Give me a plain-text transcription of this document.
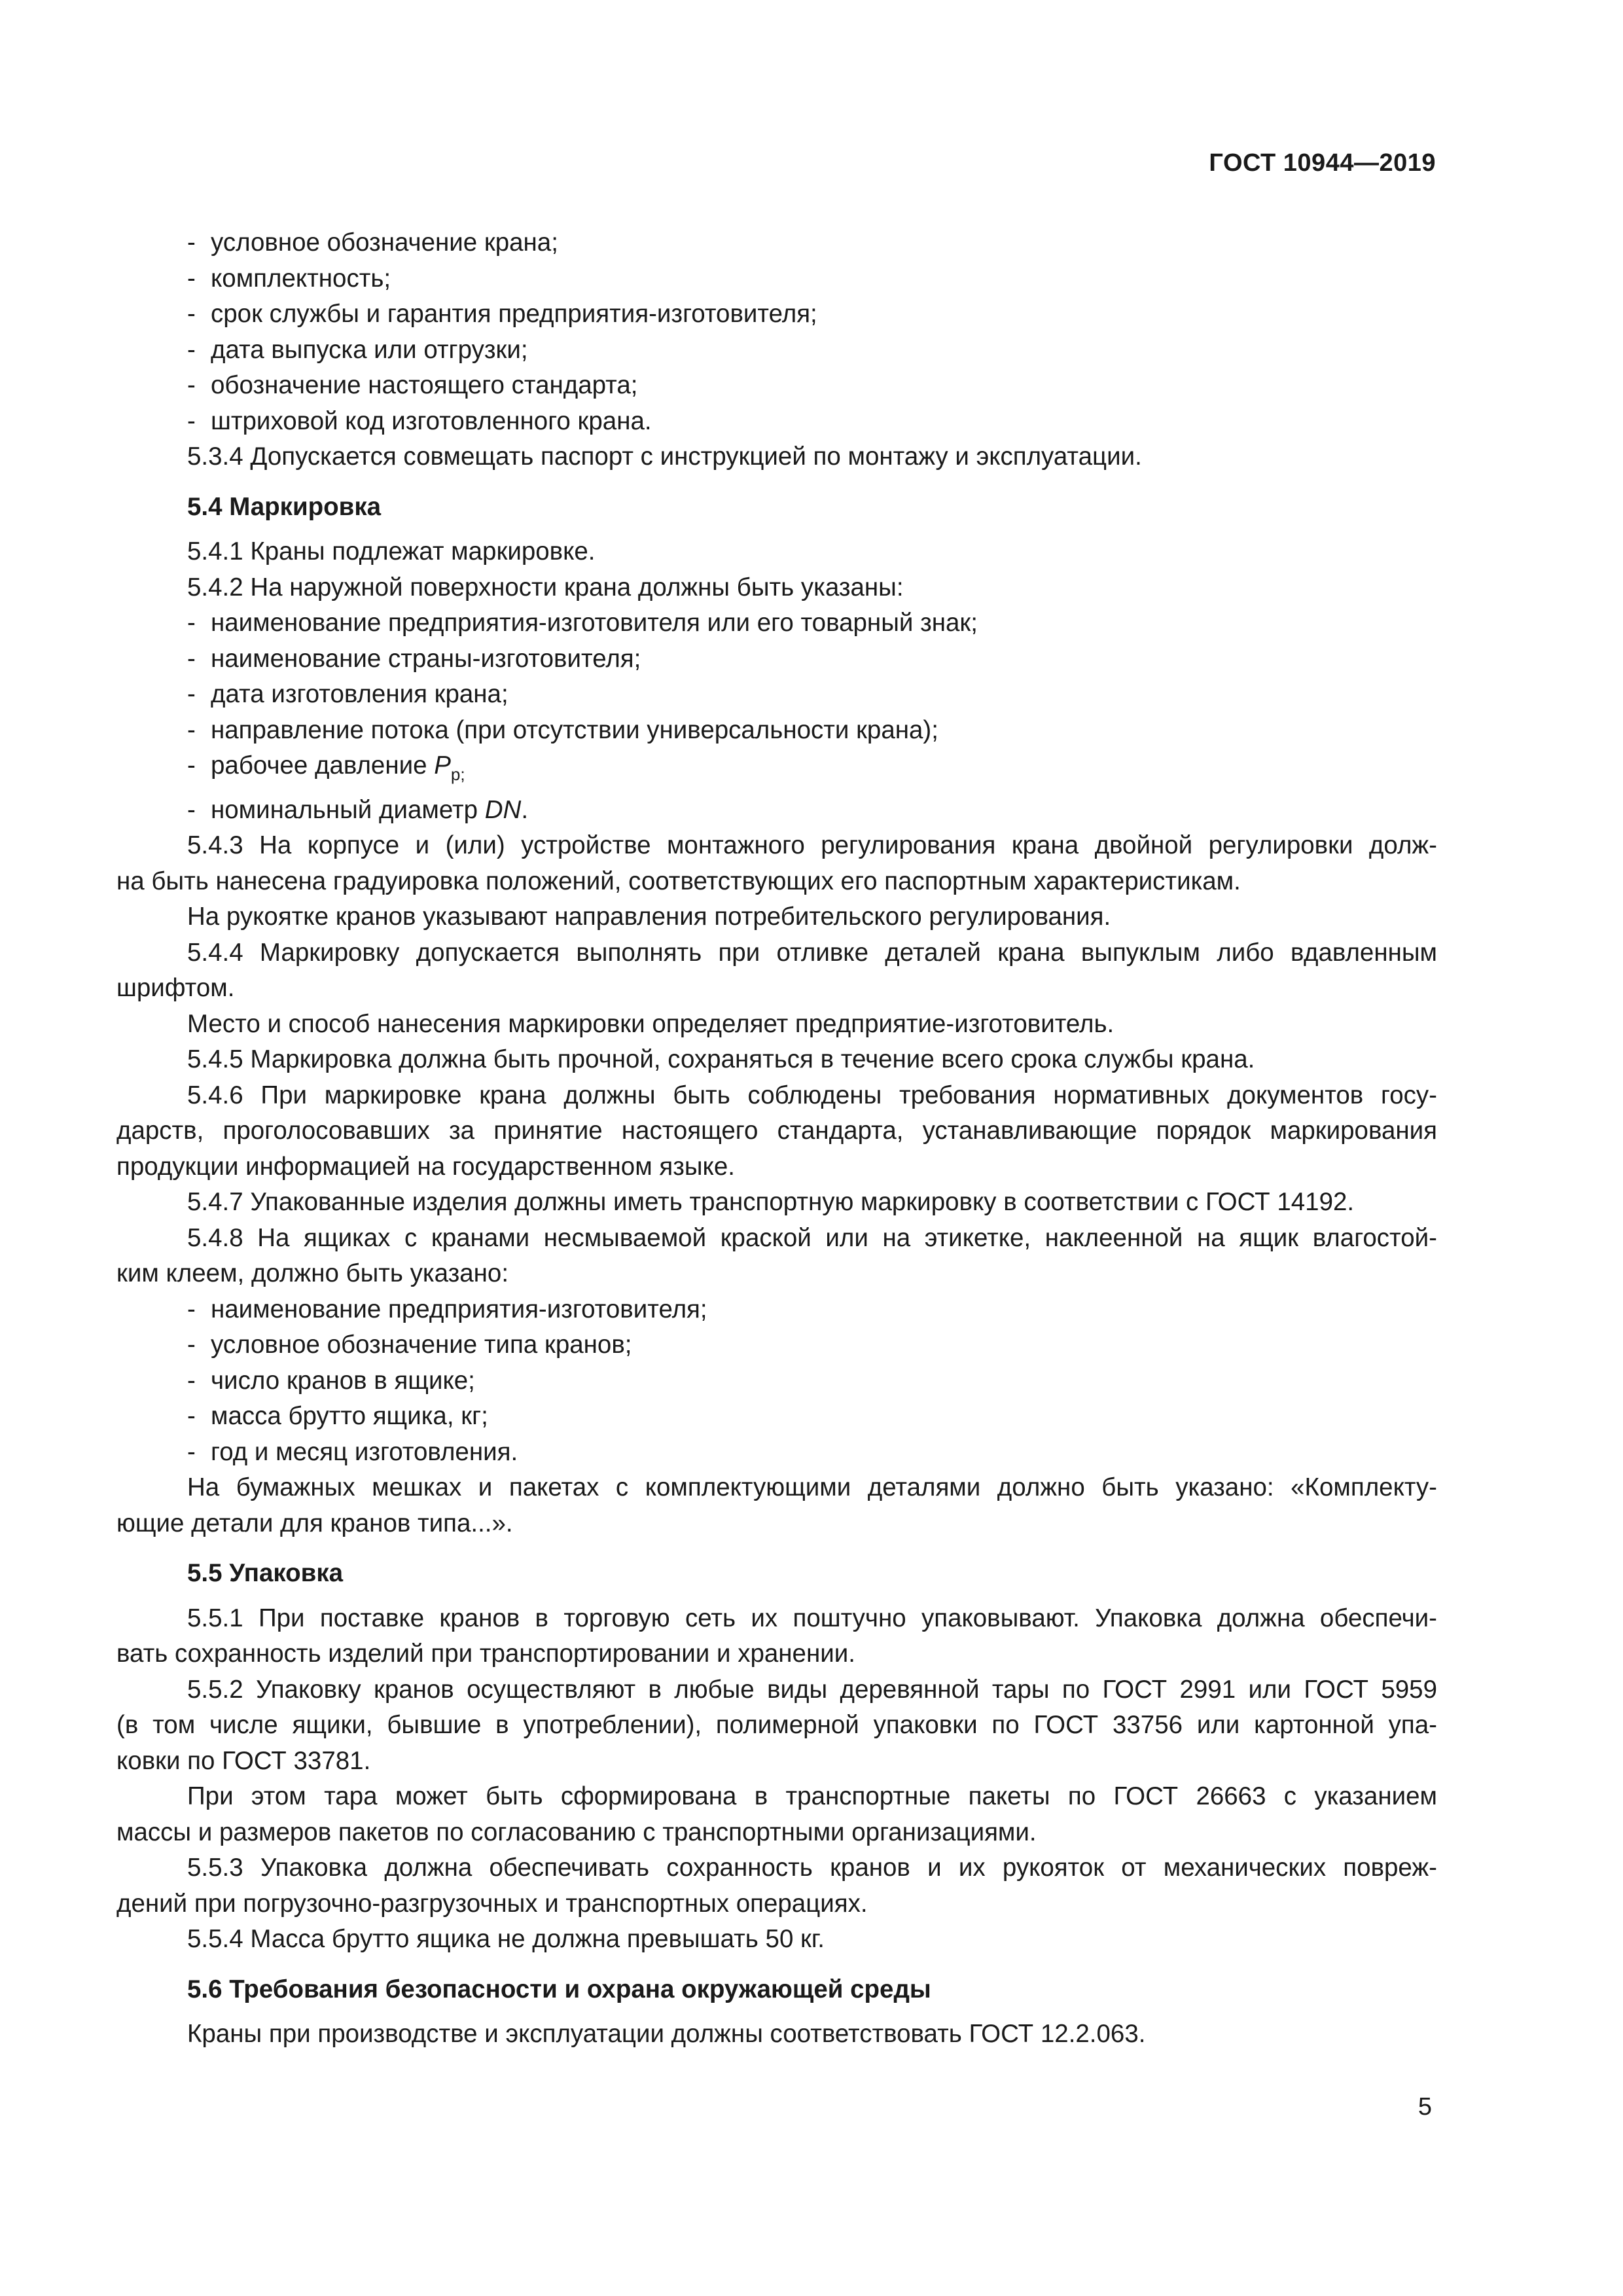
ГОСТ 10944—2019
- условное обозначение крана;
- комплектность;
- срок службы и гарантия предприятия-изготовителя;
- дата выпуска или отгрузки;
- обозначение настоящего стандарта;
- штриховой код изготовленного крана.
5.3.4 Допускается совмещать паспорт с инструкцией по монтажу и эксплуатации.
5.4 Маркировка
5.4.1 Краны подлежат маркировке.
5.4.2 На наружной поверхности крана должны быть указаны:
- наименование предприятия-изготовителя или его товарный знак;
- наименование страны-изготовителя;
- дата изготовления крана;
- направление потока (при отсутствии универсальности крана);
- рабочее давление $P_{р;}$
- номинальный диаметр DN.
5.4.3 На корпусе и (или) устройстве монтажного регулирования крана двойной регулировки долж-
на быть нанесена градуировка положений, соответствующих его паспортным характеристикам.
На рукоятке кранов указывают направления потребительского регулирования.
5.4.4 Маркировку допускается выполнять при отливке деталей крана выпуклым либо вдавленным
шрифтом.
Место и способ нанесения маркировки определяет предприятие-изготовитель.
5.4.5 Маркировка должна быть прочной, сохраняться в течение всего срока службы крана.
5.4.6 При маркировке крана должны быть соблюдены требования нормативных документов госу-
дарств, проголосовавших за принятие настоящего стандарта, устанавливающие порядок маркирования
продукции информацией на государственном языке.
5.4.7 Упакованные изделия должны иметь транспортную маркировку в соответствии с ГОСТ 14192.
5.4.8 На ящиках с кранами несмываемой краской или на этикетке, наклеенной на ящик влагостой-
ким клеем, должно быть указано:
- наименование предприятия-изготовителя;
- условное обозначение типа кранов;
- число кранов в ящике;
- масса брутто ящика, кг;
- год и месяц изготовления.
На бумажных мешках и пакетах с комплектующими деталями должно быть указано: «Комплекту-
ющие детали для кранов типа...».
5.5 Упаковка
5.5.1 При поставке кранов в торговую сеть их поштучно упаковывают. Упаковка должна обеспечи-
вать сохранность изделий при транспортировании и хранении.
5.5.2 Упаковку кранов осуществляют в любые виды деревянной тары по ГОСТ 2991 или ГОСТ 5959
(в том числе ящики, бывшие в употреблении), полимерной упаковки по ГОСТ 33756 или картонной упа-
ковки по ГОСТ 33781.
При этом тара может быть сформирована в транспортные пакеты по ГОСТ 26663 с указанием
массы и размеров пакетов по согласованию с транспортными организациями.
5.5.3 Упаковка должна обеспечивать сохранность кранов и их рукояток от механических повреж-
дений при погрузочно-разгрузочных и транспортных операциях.
5.5.4 Масса брутто ящика не должна превышать 50 кг.
5.6 Требования безопасности и охрана окружающей среды
Краны при производстве и эксплуатации должны соответствовать ГОСТ 12.2.063.
5
